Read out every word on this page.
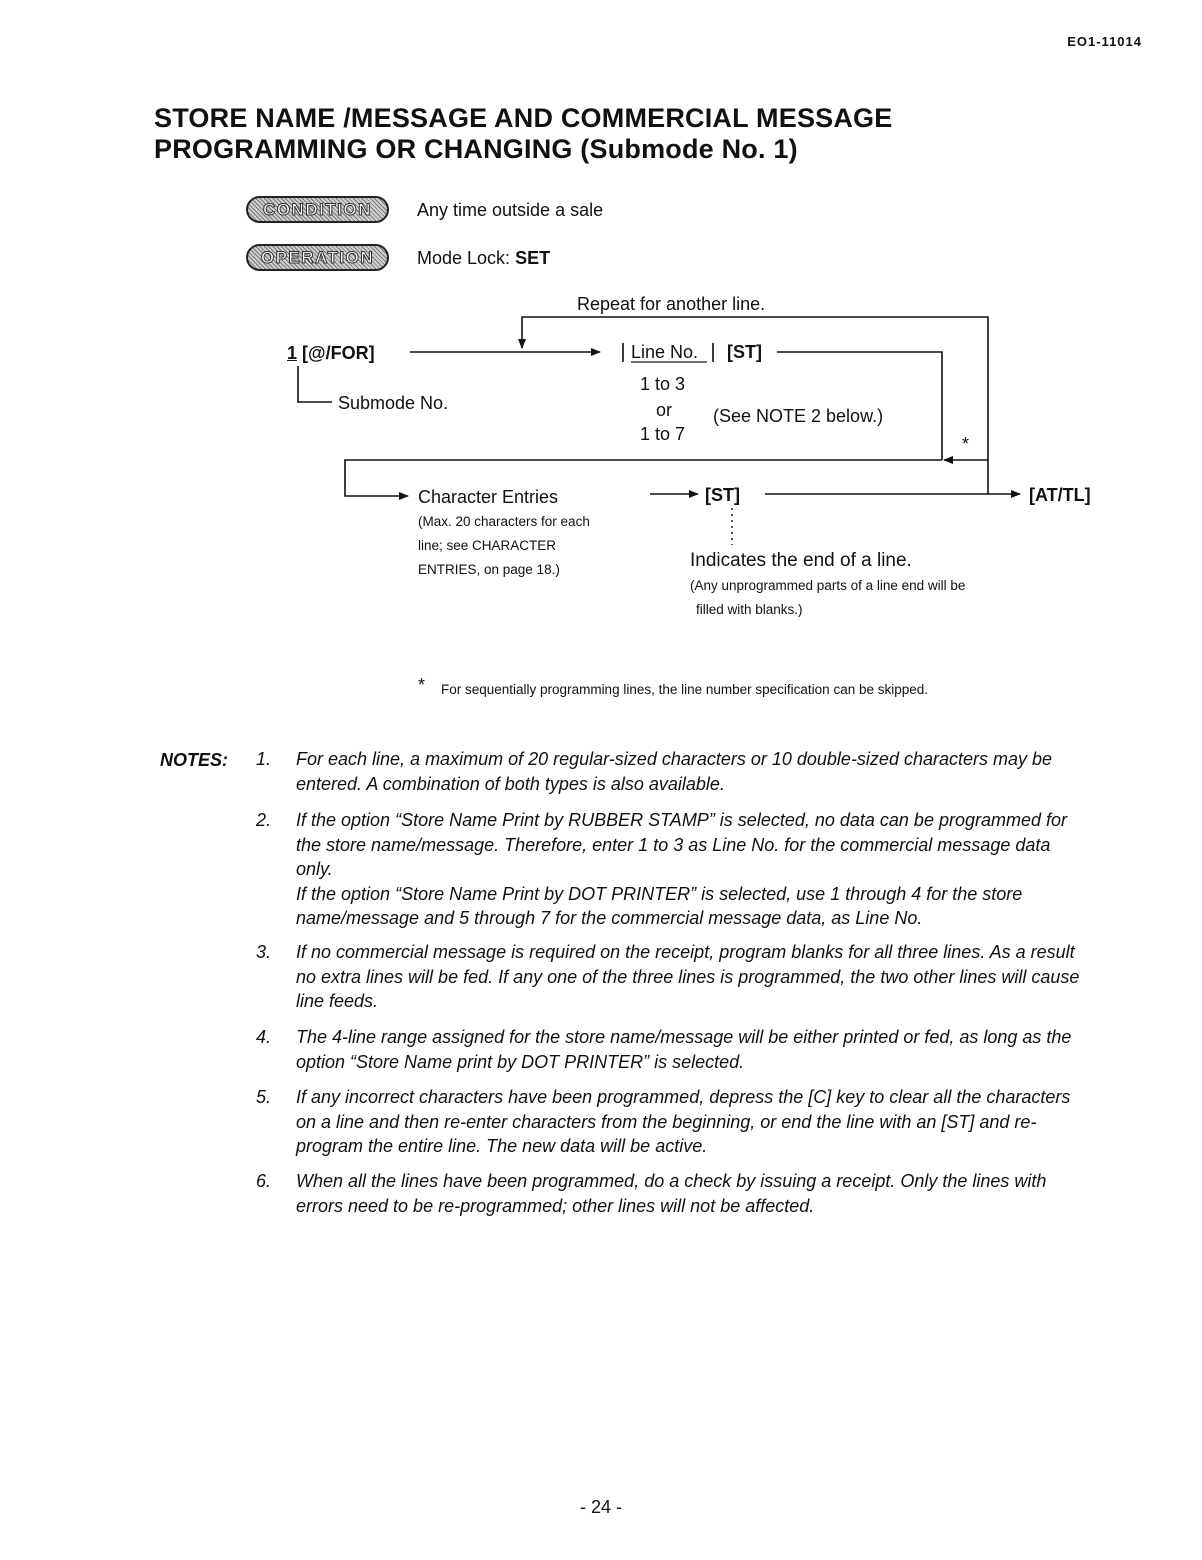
EO1-11014
STORE NAME /MESSAGE AND COMMERCIAL MESSAGE
PROGRAMMING OR CHANGING (Submode No. 1)
CONDITION	Any time outside a sale
OPERATION	Mode Lock: SET
Repeat for another line.
1 [@/FOR]
Submode No.
Line No. [ST]
1 to 3
or
1 to 7
(See NOTE 2 below.)
*
Character Entries
(Max. 20 characters for each
line; see CHARACTER
ENTRIES, on page 18.)
[ST]	[AT/TL]
Indicates the end of a line.
(Any unprogrammed parts of a line end will be
filled with blanks.)
* For sequentially programming lines, the line number specification can be skipped.
NOTES: 1. For each line, a maximum of 20 regular-sized characters or 10 double-sized characters may be entered. A combination of both types is also available.
2. If the option “Store Name Print by RUBBER STAMP” is selected, no data can be programmed for the store name/message. Therefore, enter 1 to 3 as Line No. for the commercial message data only.
If the option “Store Name Print by DOT PRINTER” is selected, use 1 through 4 for the store name/message and 5 through 7 for the commercial message data, as Line No.
3. If no commercial message is required on the receipt, program blanks for all three lines. As a result no extra lines will be fed. If any one of the three lines is programmed, the two other lines will cause line feeds.
4. The 4-line range assigned for the store name/message will be either printed or fed, as long as the option “Store Name print by DOT PRINTER” is selected.
5. If any incorrect characters have been programmed, depress the [C] key to clear all the characters on a line and then re-enter characters from the beginning, or end the line with an [ST] and re-program the entire line. The new data will be active.
6. When all the lines have been programmed, do a check by issuing a receipt. Only the lines with errors need to be re-programmed; other lines will not be affected.
- 24 -
